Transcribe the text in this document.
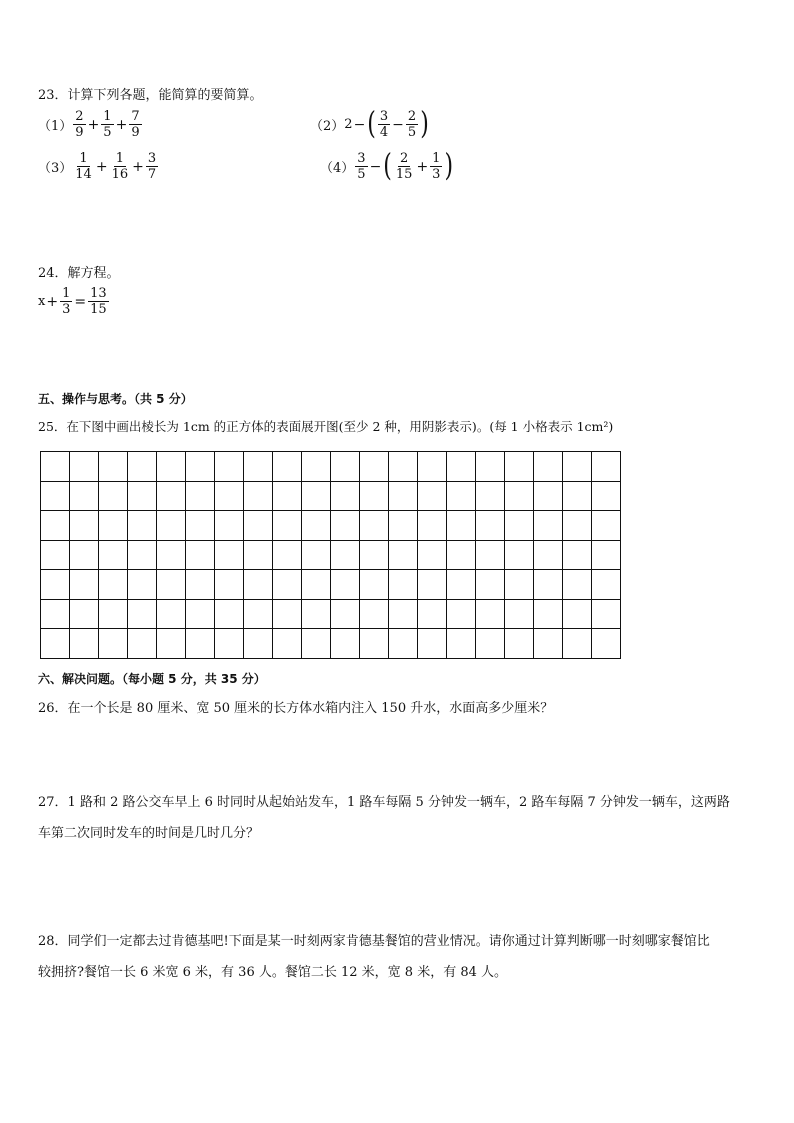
23．计算下列各题，能简算的要简算。
$(1) \frac{2}{9} + \frac{1}{5} + \frac{7}{9}$	（2） 2 − ( $\frac{3}{4} - \frac{2}{5}$ )
$(3) \frac{1}{14} + \frac{1}{16} + \frac{3}{7}$	$(4) \frac{3}{5}$ − ( $\frac{2}{15} + \frac{1}{3}$ )
24．解方程。
$x + \frac{1}{3} = \frac{13}{15}$
五、操作与思考。（共 5 分）
25．在下图中画出棱长为 1cm 的正方体的表面展开图(至少 2 种，用阴影表示)。(每 1 小格表示 1cm²)

六、解决问题。（每小题 5 分，共 35 分）
26．在一个长是 80 厘米、宽 50 厘米的长方体水箱内注入 150 升水，水面高多少厘米？
27．1 路和 2 路公交车早上 6 时同时从起始站发车，1 路车每隔 5 分钟发一辆车，2 路车每隔 7 分钟发一辆车，这两路
车第二次同时发车的时间是几时几分？
28．同学们一定都去过肯德基吧!下面是某一时刻两家肯德基餐馆的营业情况。请你通过计算判断哪一时刻哪家餐馆比
较拥挤?餐馆一长 6 米宽 6 米，有 36 人。餐馆二长 12 米，宽 8 米，有 84 人。
